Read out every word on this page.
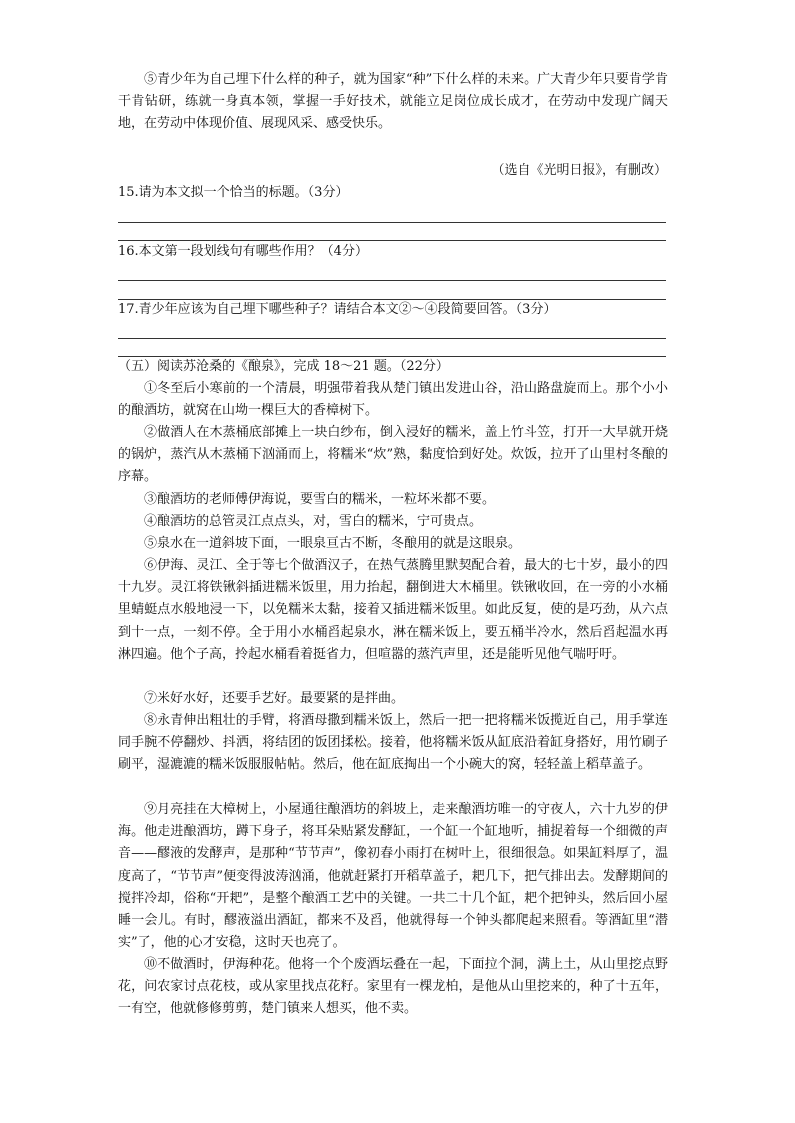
⑤青少年为自己埋下什么样的种子，就为国家“种”下什么样的未来。广大青少年只要肯学肯干肯钻研，练就一身真本领，掌握一手好技术，就能立足岗位成长成才，在劳动中发现广阔天地，在劳动中体现价值、展现风采、感受快乐。

（选自《光明日报》，有删改）

15.请为本文拟一个恰当的标题。（3分）

16.本文第一段划线句有哪些作用？（4分）

17.青少年应该为自己埋下哪些种子？请结合本文②～④段简要回答。（3分）

（五）阅读苏沧桑的《酿泉》，完成 18～21 题。（22分）

①冬至后小寒前的一个清晨，明强带着我从楚门镇出发进山谷，沿山路盘旋而上。那个小小的酿酒坊，就窝在山坳一棵巨大的香樟树下。

②做酒人在木蒸桶底部摊上一块白纱布，倒入浸好的糯米，盖上竹斗笠，打开一大早就开烧的锅炉，蒸汽从木蒸桶下汹涌而上，将糯米“炊”熟，黏度恰到好处。炊饭，拉开了山里村冬酿的序幕。

③酿酒坊的老师傅伊海说，要雪白的糯米，一粒坏米都不要。

④酿酒坊的总管灵江点点头，对，雪白的糯米，宁可贵点。

⑤泉水在一道斜坡下面，一眼泉亘古不断，冬酿用的就是这眼泉。

⑥伊海、灵江、全于等七个做酒汉子，在热气蒸腾里默契配合着，最大的七十岁，最小的四十九岁。灵江将铁锹斜插进糯米饭里，用力抬起，翻倒进大木桶里。铁锹收回，在一旁的小水桶里蜻蜓点水般地浸一下，以免糯米太黏，接着又插进糯米饭里。如此反复，使的是巧劲，从六点到十一点，一刻不停。全于用小水桶舀起泉水，淋在糯米饭上，要五桶半冷水，然后舀起温水再淋四遍。他个子高，拎起水桶看着挺省力，但喧嚣的蒸汽声里，还是能听见他气喘吁吁。

⑦米好水好，还要手艺好。最要紧的是拌曲。

⑧永青伸出粗壮的手臂，将酒母撒到糯米饭上，然后一把一把将糯米饭揽近自己，用手掌连同手腕不停翻炒、抖洒，将结团的饭团揉松。接着，他将糯米饭从缸底沿着缸身搭好，用竹刷子刷平，湿漉漉的糯米饭服服帖帖。然后，他在缸底掏出一个小碗大的窝，轻轻盖上稻草盖子。

⑨月亮挂在大樟树上，小屋通往酿酒坊的斜坡上，走来酿酒坊唯一的守夜人，六十九岁的伊海。他走进酿酒坊，蹲下身子，将耳朵贴紧发酵缸，一个缸一个缸地听，捕捉着每一个细微的声音——醪液的发酵声，是那种“节节声”，像初春小雨打在树叶上，很细很急。如果缸料厚了，温度高了，“节节声”便变得波涛汹涌，他就赶紧打开稻草盖子，耙几下，把气排出去。发酵期间的搅拌冷却，俗称“开耙”，是整个酿酒工艺中的关键。一共二十几个缸，耙个把钟头，然后回小屋睡一会儿。有时，醪液溢出酒缸，都来不及舀，他就得每一个钟头都爬起来照看。等酒缸里“潜实”了，他的心才安稳，这时天也亮了。

⑩不做酒时，伊海种花。他将一个个废酒坛叠在一起，下面拉个洞，满上土，从山里挖点野花，问农家讨点花枝，或从家里找点花籽。家里有一棵龙柏，是他从山里挖来的，种了十五年，一有空，他就修修剪剪，楚门镇来人想买，他不卖。
